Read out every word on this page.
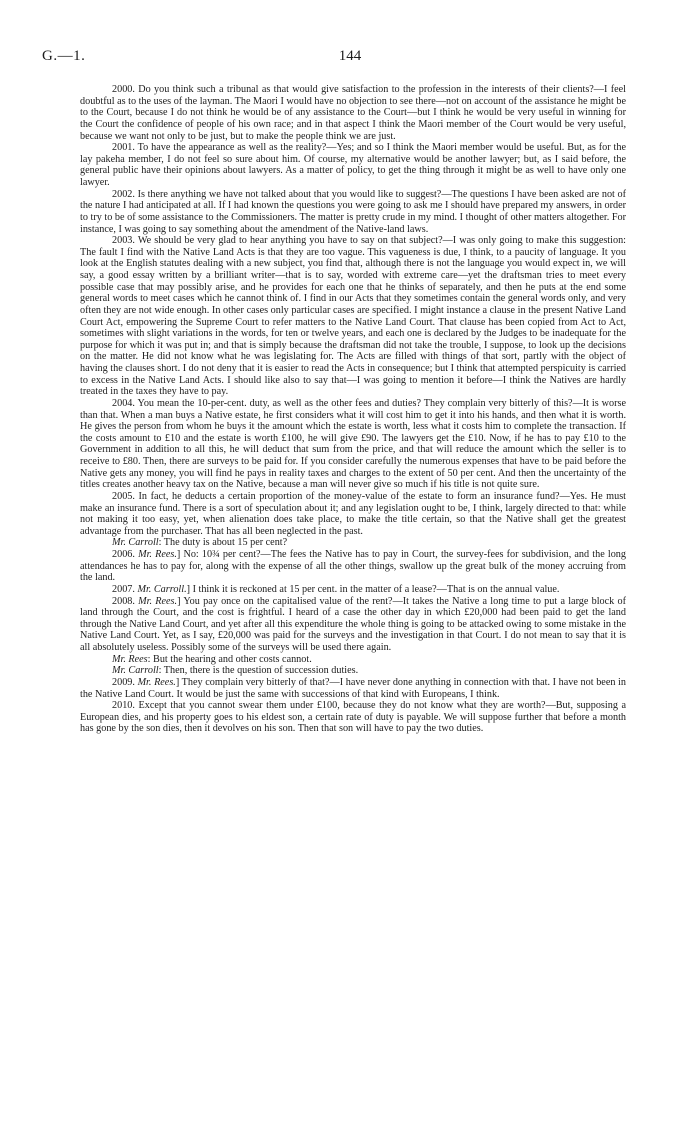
G.—1.	144

2000. Do you think such a tribunal as that would give satisfaction to the profession in the interests of their clients?—I feel doubtful as to the uses of the layman. The Maori I would have no objection to see there—not on account of the assistance he might be to the Court, because I do not think he would be of any assistance to the Court—but I think he would be very useful in winning for the Court the confidence of people of his own race; and in that aspect I think the Maori member of the Court would be very useful, because we want not only to be just, but to make the people think we are just.

2001. To have the appearance as well as the reality?—Yes; and so I think the Maori member would be useful. But, as for the lay pakeha member, I do not feel so sure about him. Of course, my alternative would be another lawyer; but, as I said before, the general public have their opinions about lawyers. As a matter of policy, to get the thing through it might be as well to have only one lawyer.

2002. Is there anything we have not talked about that you would like to suggest?—The questions I have been asked are not of the nature I had anticipated at all. If I had known the questions you were going to ask me I should have prepared my answers, in order to try to be of some assistance to the Commissioners. The matter is pretty crude in my mind. I thought of other matters altogether. For instance, I was going to say something about the amendment of the Native-land laws.

2003. We should be very glad to hear anything you have to say on that subject?—I was only going to make this suggestion: The fault I find with the Native Land Acts is that they are too vague. This vagueness is due, I think, to a paucity of language. It you look at the English statutes dealing with a new subject, you find that, although there is not the language you would expect in, we will say, a good essay written by a brilliant writer—that is to say, worded with extreme care—yet the draftsman tries to meet every possible case that may possibly arise, and he provides for each one that he thinks of separately, and then he puts at the end some general words to meet cases which he cannot think of. I find in our Acts that they sometimes contain the general words only, and very often they are not wide enough. In other cases only particular cases are specified. I might instance a clause in the present Native Land Court Act, empowering the Supreme Court to refer matters to the Native Land Court. That clause has been copied from Act to Act, sometimes with slight variations in the words, for ten or twelve years, and each one is declared by the Judges to be inadequate for the purpose for which it was put in; and that is simply because the draftsman did not take the trouble, I suppose, to look up the decisions on the matter. He did not know what he was legislating for. The Acts are filled with things of that sort, partly with the object of having the clauses short. I do not deny that it is easier to read the Acts in consequence; but I think that attempted perspicuity is carried to excess in the Native Land Acts. I should like also to say that—I was going to mention it before—I think the Natives are hardly treated in the taxes they have to pay.

2004. You mean the 10-per-cent. duty, as well as the other fees and duties? They complain very bitterly of this?—It is worse than that. When a man buys a Native estate, he first considers what it will cost him to get it into his hands, and then what it is worth. He gives the person from whom he buys it the amount which the estate is worth, less what it costs him to complete the transaction. If the costs amount to £10 and the estate is worth £100, he will give £90. The lawyers get the £10. Now, if he has to pay £10 to the Government in addition to all this, he will deduct that sum from the price, and that will reduce the amount which the seller is to receive to £80. Then, there are surveys to be paid for. If you consider carefully the numerous expenses that have to be paid before the Native gets any money, you will find he pays in reality taxes and charges to the extent of 50 per cent. And then the uncertainty of the titles creates another heavy tax on the Native, because a man will never give so much if his title is not quite sure.

2005. In fact, he deducts a certain proportion of the money-value of the estate to form an insurance fund?—Yes. He must make an insurance fund. There is a sort of speculation about it; and any legislation ought to be, I think, largely directed to that: while not making it too easy, yet, when alienation does take place, to make the title certain, so that the Native shall get the greatest advantage from the purchaser. That has all been neglected in the past.

Mr. Carroll: The duty is about 15 per cent?

2006. Mr. Rees.] No: 10¾ per cent?—The fees the Native has to pay in Court, the survey-fees for subdivision, and the long attendances he has to pay for, along with the expense of all the other things, swallow up the great bulk of the money accruing from the land.

2007. Mr. Carroll.] I think it is reckoned at 15 per cent. in the matter of a lease?—That is on the annual value.

2008. Mr. Rees.] You pay once on the capitalised value of the rent?—It takes the Native a long time to put a large block of land through the Court, and the cost is frightful. I heard of a case the other day in which £20,000 had been paid to get the land through the Native Land Court, and yet after all this expenditure the whole thing is going to be attacked owing to some mistake in the Native Land Court. Yet, as I say, £20,000 was paid for the surveys and the investigation in that Court. I do not mean to say that it is all absolutely useless. Possibly some of the surveys will be used there again.

Mr. Rees: But the hearing and other costs cannot.

Mr. Carroll: Then, there is the question of succession duties.

2009. Mr. Rees.] They complain very bitterly of that?—I have never done anything in connection with that. I have not been in the Native Land Court. It would be just the same with successions of that kind with Europeans, I think.

2010. Except that you cannot swear them under £100, because they do not know what they are worth?—But, supposing a European dies, and his property goes to his eldest son, a certain rate of duty is payable. We will suppose further that before a month has gone by the son dies, then it devolves on his son. Then that son will have to pay the two duties.
